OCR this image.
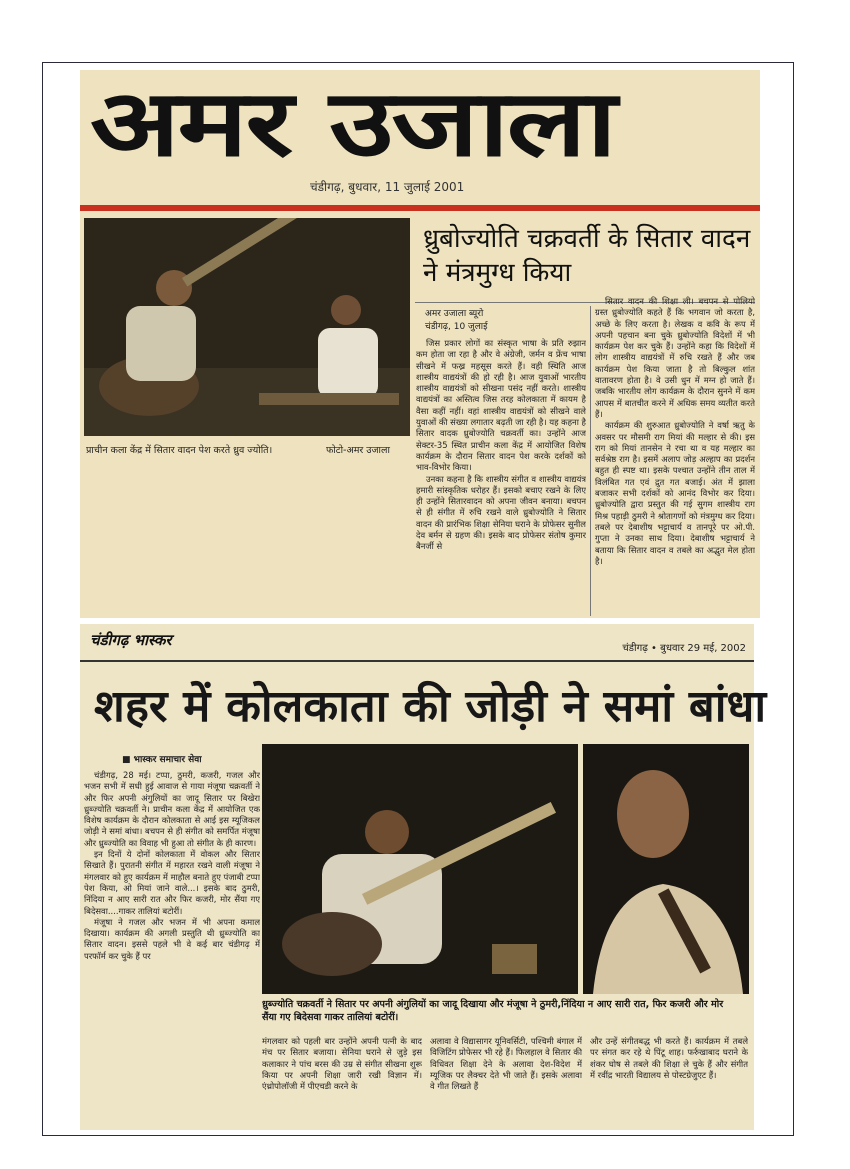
अमर उजाला
चंडीगढ़, बुधवार, 11 जुलाई 2001
प्राचीन कला केंद्र में सितार वादन पेश करते ध्रुव ज्योति।	फोटो-अमर उजाला
ध्रुबोज्योति चक्रवर्ती के सितार वादन ने मंत्रमुग्ध किया
अमर उजाला ब्यूरो
चंडीगढ़, 10 जुलाई

जिस प्रकार लोगों का संस्कृत भाषा के प्रति रुझान कम होता जा रहा है और वे अंग्रेजी, जर्मन व फ्रेंच भाषा सीखने में फख्र महसूस करते हैं। वही स्थिति आज शास्त्रीय वाद्ययंत्रों की हो रही है। आज युवाओं भारतीय शास्त्रीय वाद्ययंत्रों को सीखना पसंद नहीं करते। शास्त्रीय वाद्ययंत्रों का अस्तित्व जिस तरह कोलकाता में कायम है वैसा कहीं नहीं। वहां शास्त्रीय वाद्ययंत्रों को सीखने वाले युवाओं की संख्या लगातार बढ़ती जा रही है। यह कहना है सितार वादक ध्रुबोज्योति चक्रवर्ती का। उन्होंने आज सेक्टर-35 स्थित प्राचीन कला केंद्र में आयोजित विशेष कार्यक्रम के दौरान सितार वादन पेश करके दर्शकों को भाव-विभोर किया।

उनका कहना है कि शास्त्रीय संगीत व शास्त्रीय वाद्ययंत्र हमारी सांस्कृतिक धरोहर हैं। इसको बचाए रखने के लिए ही उन्होंने सितारवादन को अपना जीवन बनाया। बचपन से ही संगीत में रुचि रखने वाले ध्रुबोज्योति ने सितार वादन की प्रारंभिक शिक्षा सेनिया घराने के प्रोफेसर सुनील देव बर्मन से ग्रहण की। इसके बाद प्रोफेसर संतोष कुमार बैनर्जी से

सितार वादन की शिक्षा ली। बचपन से पोलियो ग्रस्त ध्रुबोज्योति कहते हैं कि भगवान जो करता है, अच्छे के लिए करता है। लेखक व कवि के रूप में अपनी पहचान बना चुके ध्रुबोज्योति विदेशों में भी कार्यक्रम पेश कर चुके हैं। उन्होंने कहा कि विदेशों में लोग शास्त्रीय वाद्ययंत्रों में रुचि रखते हैं और जब कार्यक्रम पेश किया जाता है तो बिल्कुल शांत वातावरण होता है। वे उसी धुन में मग्न हो जाते हैं। जबकि भारतीय लोग कार्यक्रम के दौरान सुनने में कम आपस में बातचीत करने में अधिक समय व्यतीत करते हैं।

कार्यक्रम की शुरुआत ध्रुबोज्योति ने वर्षा ऋतु के अवसर पर मौसमी राग मियां की मल्हार से की। इस राग को मियां तानसेन ने रचा था व यह मल्हार का सर्वश्रेष्ठ राग है। इसमें अलाप जोड़ अल्हाप का प्रदर्शन बहुत ही स्पष्ट था। इसके पश्चात उन्होंने तीन ताल में विलंबित गत एवं द्रुत गत बजाई। अंत में झाला बजाकर सभी दर्शकों को आनंद विभोर कर दिया। ध्रुबोज्योति द्वारा प्रस्तुत की गई सुगम शास्त्रीय राग मिश्र पहाड़ी ठुमरी ने श्रोतागणों को मंत्रमुग्ध कर दिया। तबले पर देबाशीष भट्टाचार्य व तानपूरे पर ओ.पी. गुप्ता ने उनका साथ दिया। देबाशीष भट्टाचार्य ने बताया कि सितार वादन व तबले का अद्भुत मेल होता है।

चंडीगढ़ भास्कर	चंडीगढ़ • बुधवार 29 मई, 2002
शहर में कोलकाता की जोड़ी ने समां बांधा
■ भास्कर समाचार सेवा

चंडीगढ़, 28 मई। टप्पा, ठुमरी, कजरी, गजल और भजन सभी में सधी हुई आवाज से गाया मंजूषा चक्रवर्ती ने और फिर अपनी अंगुलियों का जादू सितार पर बिखेरा ध्रुब्ज्योति चक्रवर्ती ने। प्राचीन कला केंद्र में आयोजित एक विशेष कार्यक्रम के दौरान कोलकाता से आई इस म्यूजिकल जोड़ी ने समां बांधा। बचपन से ही संगीत को समर्पित मंजूषा और ध्रुब्ज्योति का विवाह भी हुआ तो संगीत के ही कारण।

इन दिनों ये दोनों कोलकाता में वोकल और सितार सिखाते हैं। पुरातनी संगीत में महारत रखने वाली मंजूषा ने मंगलवार को हुए कार्यक्रम में माहौल बनाते हुए पंजाबी टप्पा पेश किया, ओ मियां जाने वाले...। इसके बाद ठुमरी, निंदिया न आए सारी रात और फिर कजरी, मोर सैंया गए बिदेसवा....गाकर तालियां बटोरीं।

मंजूषा ने गजल और भजन में भी अपना कमाल दिखाया। कार्यक्रम की अगली प्रस्तुति थी ध्रुब्ज्योति का सितार वादन। इससे पहले भी वे कई बार चंडीगढ़ में परफॉर्म कर चुके हैं पर

ध्रुब्ज्योति चक्रवर्ती ने सितार पर अपनी अंगुलियों का जादू दिखाया और मंजूषा ने ठुमरी,निंदिया न आए सारी रात, फिर कजरी और मोर सैंया गए बिदेसवा गाकर तालियां बटोरीं।

मंगलवार को पहली बार उन्होंने अपनी पत्नी के बाद मंच पर सितार बजाया। सेनिया घराने से जुड़े इस कलाकार ने पांच बरस की उम्र से संगीत सीखना शुरू किया पर अपनी शिक्षा जारी रखी विज्ञान में। एंथ्रोपोलॉजी में पीएचडी करने के

अलावा वे विद्यासागर यूनिवर्सिटी, पश्चिमी बंगाल में विजिटिंग प्रोफेसर भी रहे हैं। फिलहाल वे सितार की विधिवत शिक्षा देने के अलावा देश-विदेश में म्यूजिक पर लैक्चर देते भी जाते हैं। इसके अलावा वे गीत लिखते हैं

और उन्हें संगीतबद्ध भी करते हैं। कार्यक्रम में तबले पर संगत कर रहे थे पिंटू शाह। फर्रुखाबाद घराने के शंकर घोष से तबले की शिक्षा ले चुके हैं और संगीत में रवींद्र भारती विद्यालय से पोस्टग्रेजुएट हैं।
